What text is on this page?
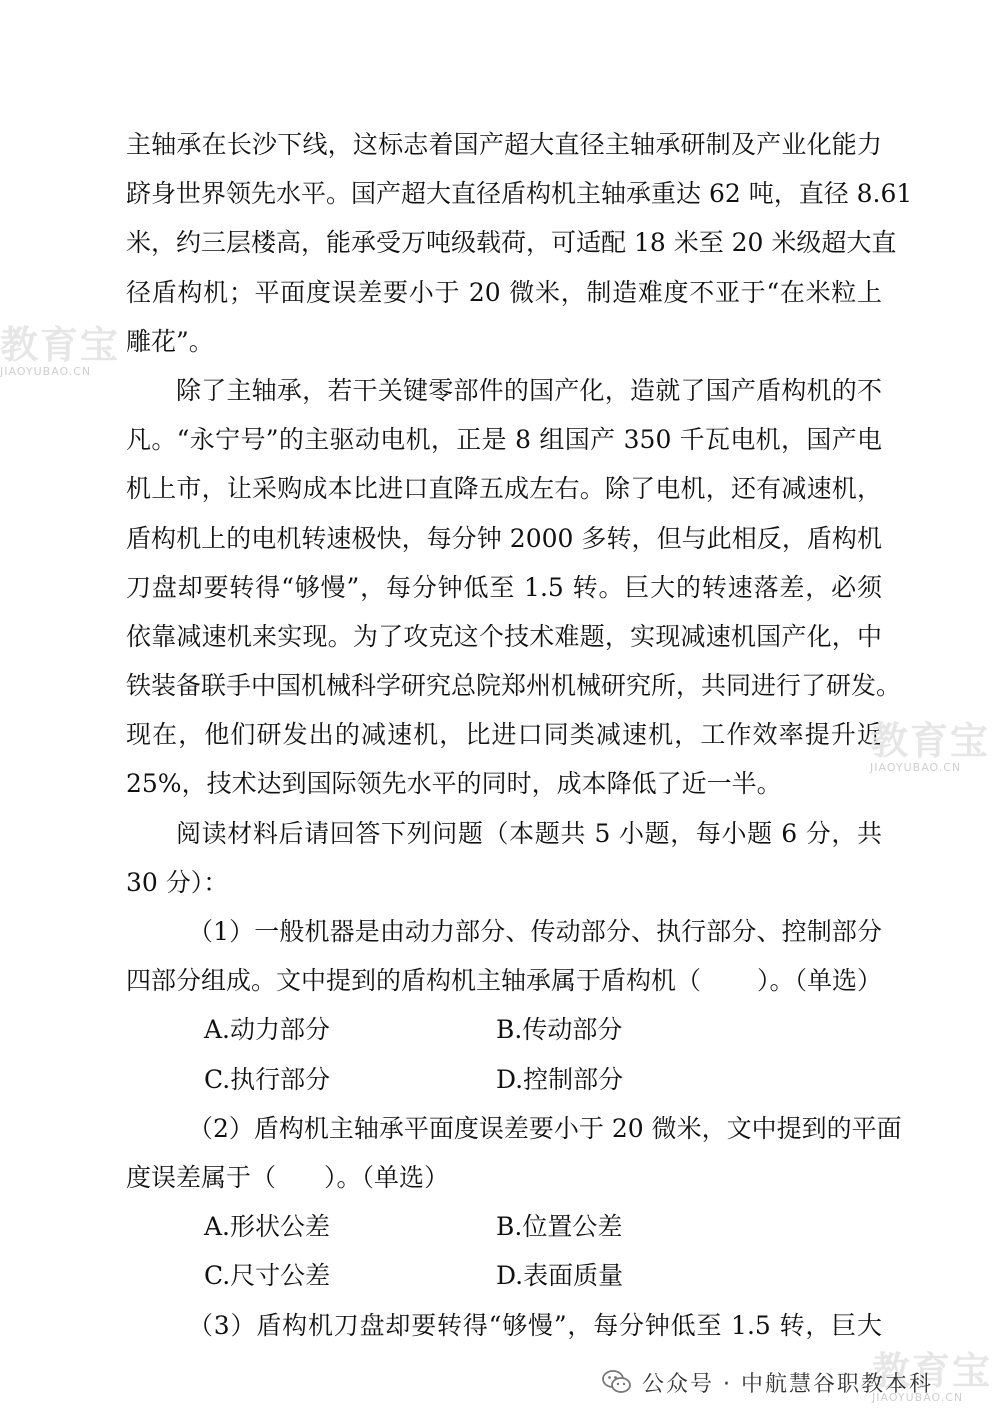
主轴承在长沙下线，这标志着国产超大直径主轴承研制及产业化能力
跻身世界领先水平。国产超大直径盾构机主轴承重达 62 吨，直径 8.61
米，约三层楼高，能承受万吨级载荷，可适配 18 米至 20 米级超大直
径盾构机；平面度误差要小于 20 微米，制造难度不亚于“在米粒上
雕花”。
除了主轴承，若干关键零部件的国产化，造就了国产盾构机的不
凡。“永宁号”的主驱动电机，正是 8 组国产 350 千瓦电机，国产电
机上市，让采购成本比进口直降五成左右。除了电机，还有减速机，
盾构机上的电机转速极快，每分钟 2000 多转，但与此相反，盾构机
刀盘却要转得“够慢”，每分钟低至 1.5 转。巨大的转速落差，必须
依靠减速机来实现。为了攻克这个技术难题，实现减速机国产化，中
铁装备联手中国机械科学研究总院郑州机械研究所，共同进行了研发。
现在，他们研发出的减速机，比进口同类减速机，工作效率提升近
25%，技术达到国际领先水平的同时，成本降低了近一半。
阅读材料后请回答下列问题（本题共 5 小题，每小题 6 分，共
30 分）：
（1）一般机器是由动力部分、传动部分、执行部分、控制部分
四部分组成。文中提到的盾构机主轴承属于盾构机（ ）。（单选）
A.动力部分	B.传动部分
C.执行部分	D.控制部分
（2）盾构机主轴承平面度误差要小于 20 微米，文中提到的平面
度误差属于（ ）。（单选）
A.形状公差	B.位置公差
C.尺寸公差	D.表面质量
（3）盾构机刀盘却要转得“够慢”，每分钟低至 1.5 转，巨大
教育宝
JIAOYUBAO.CN
教育宝
JIAOYUBAO.CN
教育宝
JIAOYUBAO.CN
公众号 · 中航慧谷职教本科
